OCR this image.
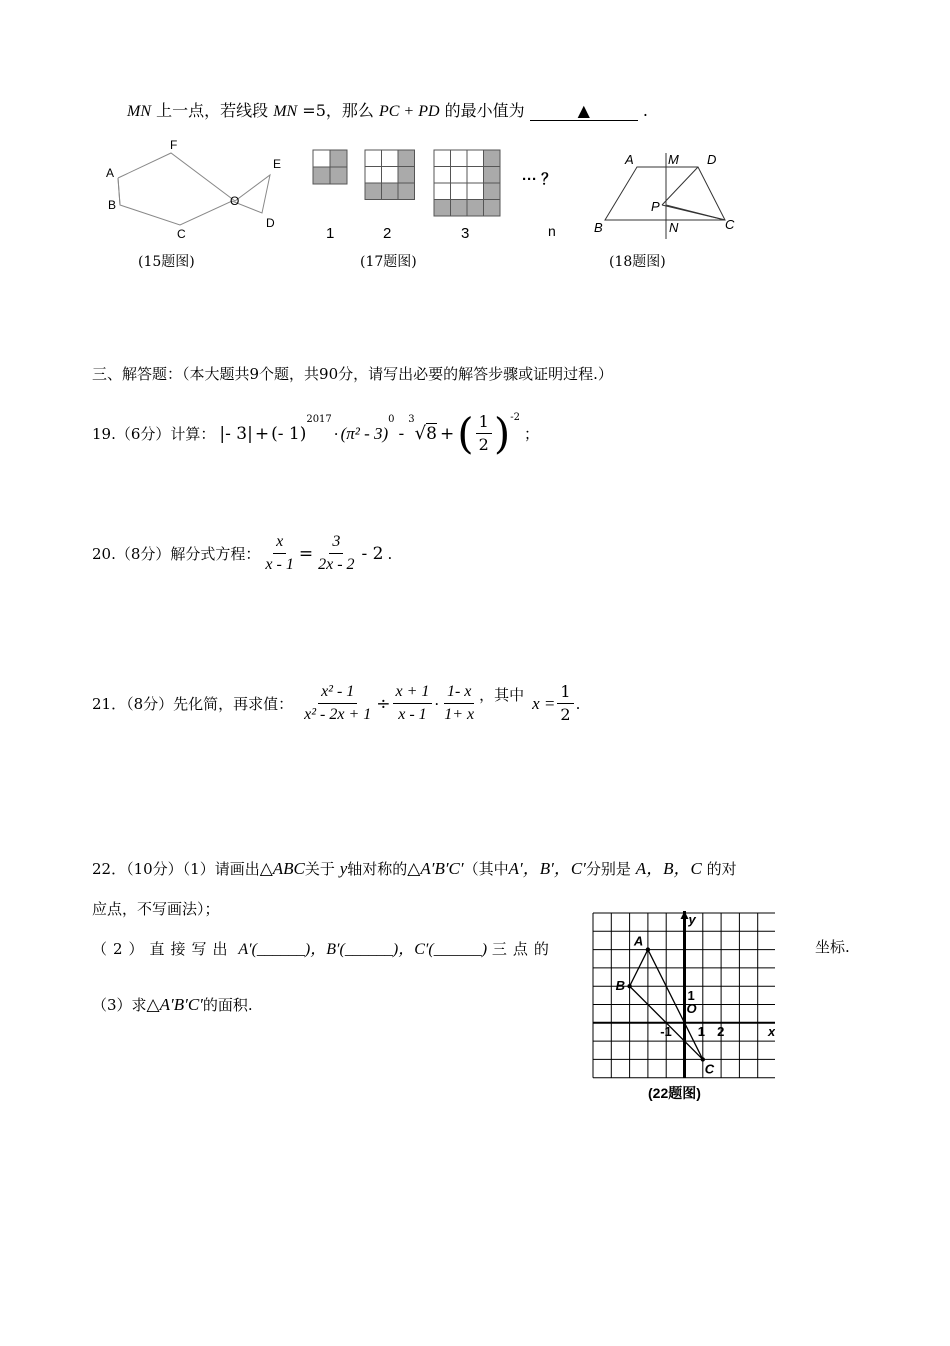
MN 上一点，若线段 MN =5，那么 PC + PD 的最小值为	▲	.
A
B
F
C
O
E
D
(15题图)
1	2	3	n
··· ？
(17题图)
A	M D
P
B	N	C
(18题图)
三、解答题：（本大题共9个题，共90分，请写出必要的解答步骤或证明过程.）
19.（6分）计算： |- 3| + (- 1)
$^{2017}$
· (π² - 3)
$^0$
-
$^3$
√ 8 + ( $\frac{1}{2} )^{-2}$
；
20.（8分）解分式方程： $\frac{x}{x - 1} = \frac{3}{2x - 2} - 2$ .
21．（8分）先化简，再求值： $\frac{\text{x² - 1}}{\text{x² - 2x + 1}} \div \frac{x + 1}{x - 1} \cdot \frac{1- x}{1+ x}$ ，其中 $x = \frac{1}{2}$ .
22．（10分）（1）请画出△ABC关于 y轴对称的△A′B′C′（其中A′，B′，C′分别是 A，B，C 的对
应点，不写画法）；
（2）直接写出 A′(______)，B′(______)，C′(______) 三点的	坐标.
（3）求△A′B′C′的面积.
y
x
O
-1 1 2
1
A
B
C
(22题图)
